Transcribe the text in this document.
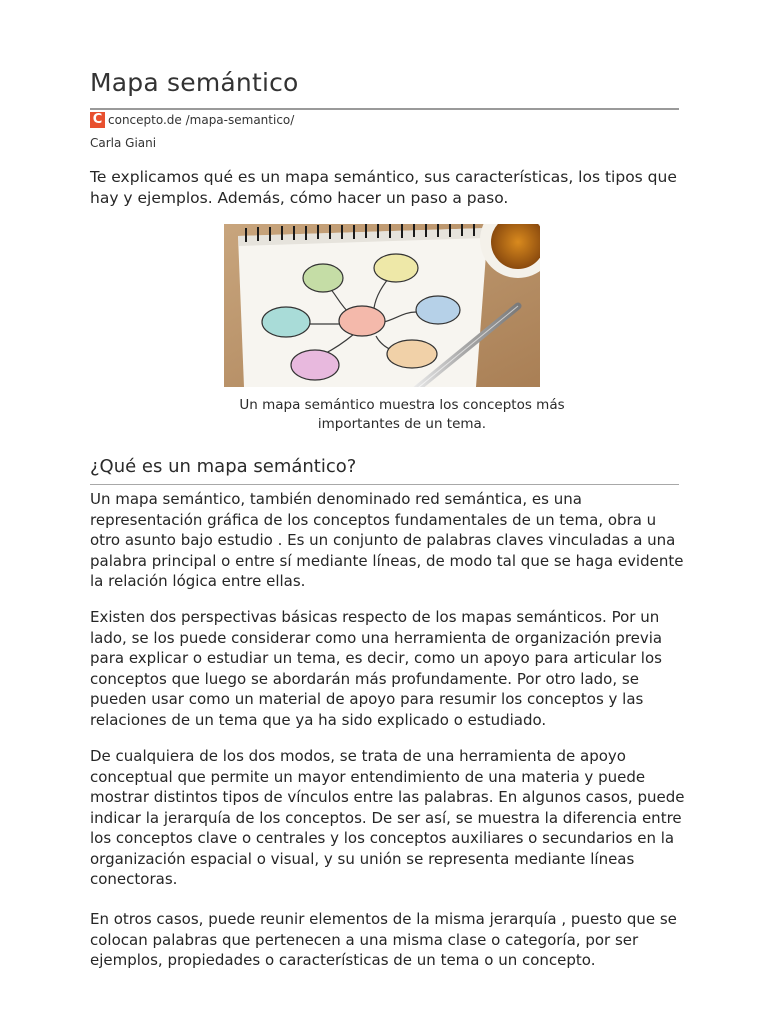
Mapa semántico
C concepto.de /mapa-semantico/
Carla Giani

Te explicamos qué es un mapa semántico, sus características, los tipos que hay y ejemplos. Además, cómo hacer un paso a paso.

Un mapa semántico muestra los conceptos más importantes de un tema.

¿Qué es un mapa semántico?

Un mapa semántico, también denominado red semántica, es una representación gráfica de los conceptos fundamentales de un tema, obra u otro asunto bajo estudio . Es un conjunto de palabras claves vinculadas a una palabra principal o entre sí mediante líneas, de modo tal que se haga evidente la relación lógica entre ellas.

Existen dos perspectivas básicas respecto de los mapas semánticos. Por un lado, se los puede considerar como una herramienta de organización previa para explicar o estudiar un tema, es decir, como un apoyo para articular los conceptos que luego se abordarán más profundamente. Por otro lado, se pueden usar como un material de apoyo para resumir los conceptos y las relaciones de un tema que ya ha sido explicado o estudiado.

De cualquiera de los dos modos, se trata de una herramienta de apoyo conceptual que permite un mayor entendimiento de una materia y puede mostrar distintos tipos de vínculos entre las palabras. En algunos casos, puede indicar la jerarquía de los conceptos. De ser así, se muestra la diferencia entre los conceptos clave o centrales y los conceptos auxiliares o secundarios en la organización espacial o visual, y su unión se representa mediante líneas conectoras.

En otros casos, puede reunir elementos de la misma jerarquía , puesto que se colocan palabras que pertenecen a una misma clase o categoría, por ser ejemplos, propiedades o características de un tema o un concepto.
